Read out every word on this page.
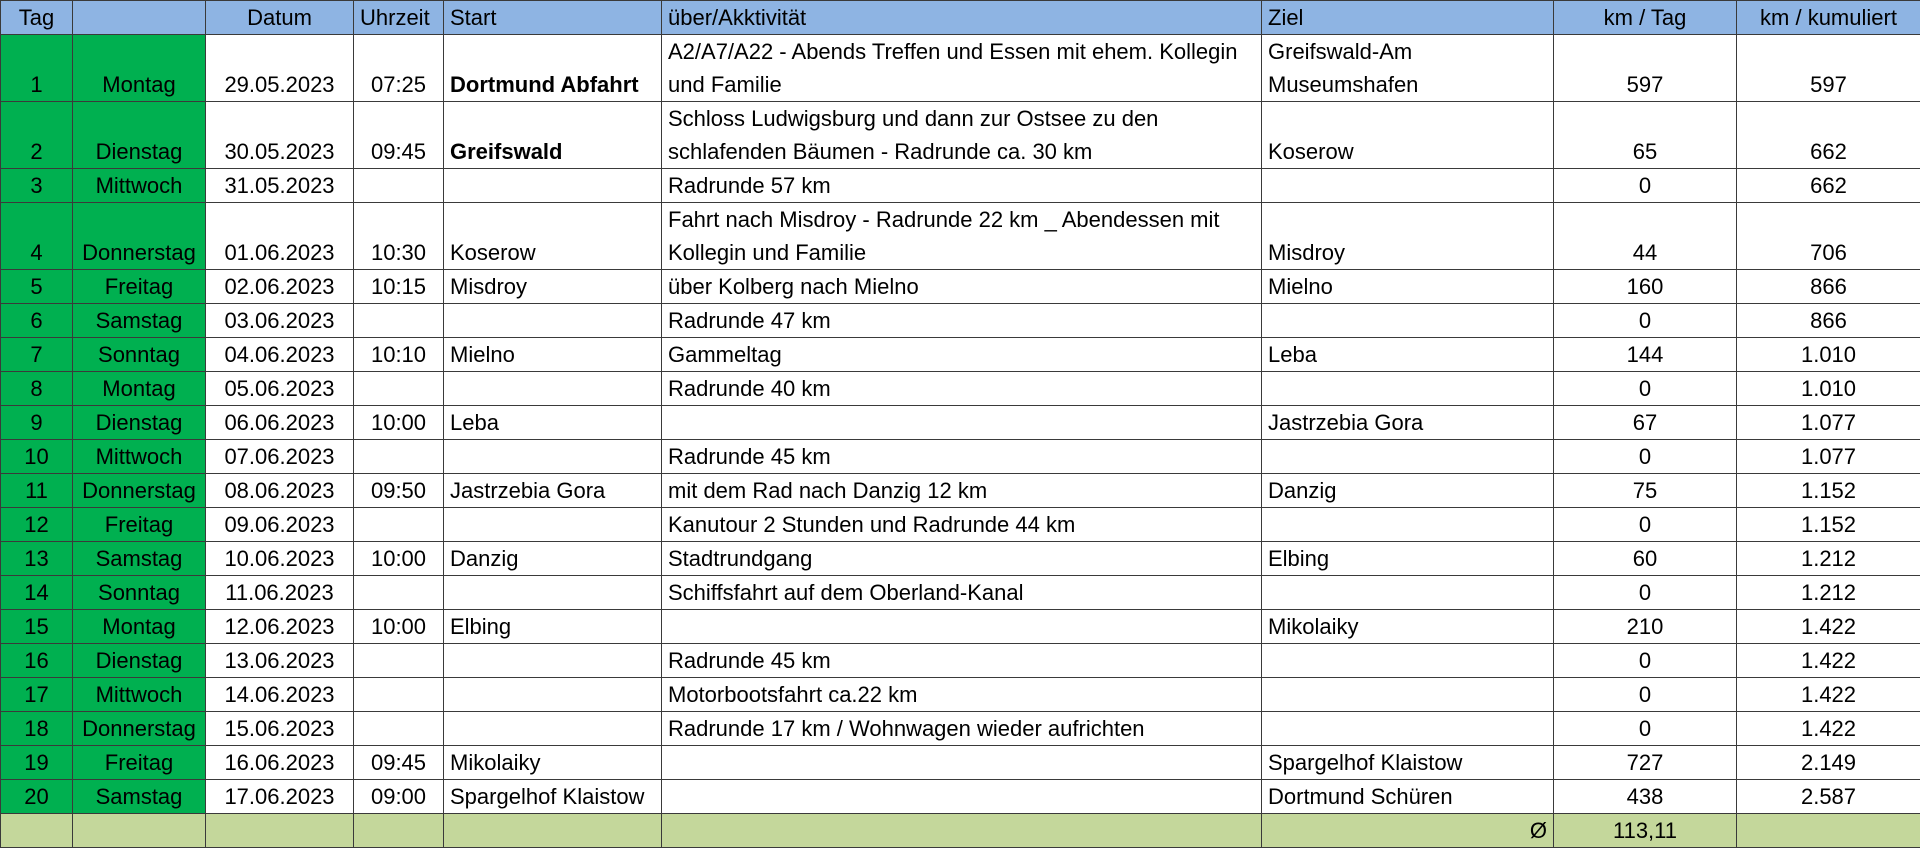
Tag		Datum	Uhrzeit	Start	über/Akktivität	Ziel	km / Tag	km / kumuliert
1	Montag	29.05.2023	07:25	Dortmund Abfahrt	A2/A7/A22 - Abends Treffen und Essen mit ehem. Kollegin und Familie	Greifswald-Am Museumshafen	597	597
2	Dienstag	30.05.2023	09:45	Greifswald	Schloss Ludwigsburg und dann zur Ostsee zu den schlafenden Bäumen - Radrunde ca. 30 km	Koserow	65	662
3	Mittwoch	31.05.2023			Radrunde 57 km		0	662
4	Donnerstag	01.06.2023	10:30	Koserow	Fahrt nach Misdroy - Radrunde 22 km _ Abendessen mit Kollegin und Familie	Misdroy	44	706
5	Freitag	02.06.2023	10:15	Misdroy	über Kolberg nach Mielno	Mielno	160	866
6	Samstag	03.06.2023			Radrunde 47 km		0	866
7	Sonntag	04.06.2023	10:10	Mielno	Gammeltag	Leba	144	1.010
8	Montag	05.06.2023			Radrunde 40 km		0	1.010
9	Dienstag	06.06.2023	10:00	Leba		Jastrzebia Gora	67	1.077
10	Mittwoch	07.06.2023			Radrunde 45 km		0	1.077
11	Donnerstag	08.06.2023	09:50	Jastrzebia Gora	mit dem Rad nach Danzig 12 km	Danzig	75	1.152
12	Freitag	09.06.2023			Kanutour 2 Stunden und Radrunde 44 km		0	1.152
13	Samstag	10.06.2023	10:00	Danzig	Stadtrundgang	Elbing	60	1.212
14	Sonntag	11.06.2023			Schiffsfahrt auf dem Oberland-Kanal		0	1.212
15	Montag	12.06.2023	10:00	Elbing		Mikolaiky	210	1.422
16	Dienstag	13.06.2023			Radrunde 45 km		0	1.422
17	Mittwoch	14.06.2023			Motorbootsfahrt ca.22 km		0	1.422
18	Donnerstag	15.06.2023			Radrunde 17 km / Wohnwagen wieder aufrichten		0	1.422
19	Freitag	16.06.2023	09:45	Mikolaiky		Spargelhof Klaistow	727	2.149
20	Samstag	17.06.2023	09:00	Spargelhof Klaistow		Dortmund Schüren	438	2.587
						Ø	113,11	
